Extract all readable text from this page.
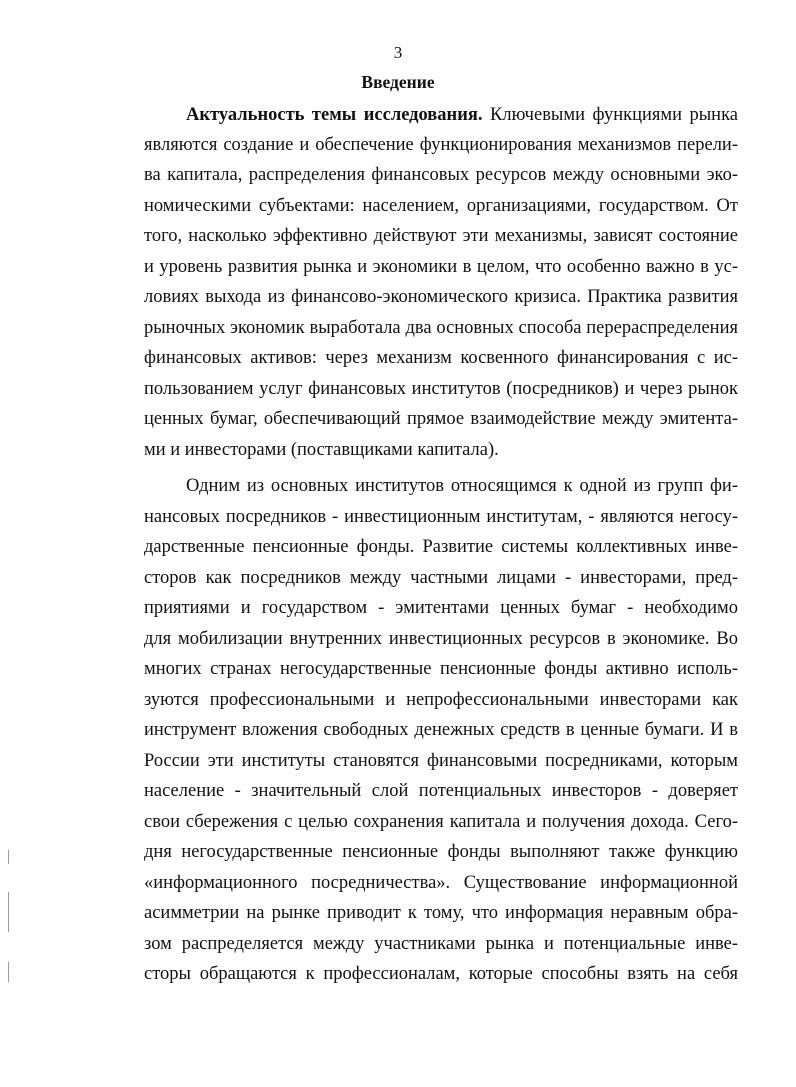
3
Введение
Актуальность темы исследования. Ключевыми функциями рынка
являются создание и обеспечение функционирования механизмов перели-
ва капитала, распределения финансовых ресурсов между основными эко-
номическими субъектами: населением, организациями, государством. От
того, насколько эффективно действуют эти механизмы, зависят состояние
и уровень развития рынка и экономики в целом, что особенно важно в ус-
ловиях выхода из финансово-экономического кризиса. Практика развития
рыночных экономик выработала два основных способа перераспределения
финансовых активов: через механизм косвенного финансирования с ис-
пользованием услуг финансовых институтов (посредников) и через рынок
ценных бумаг, обеспечивающий прямое взаимодействие между эмитента-
ми и инвесторами (поставщиками капитала).
Одним из основных институтов относящимся к одной из групп фи-
нансовых посредников - инвестиционным институтам, - являются негосу-
дарственные пенсионные фонды. Развитие системы коллективных инве-
сторов как посредников между частными лицами - инвесторами, пред-
приятиями и государством - эмитентами ценных бумаг - необходимо
для мобилизации внутренних инвестиционных ресурсов в экономике. Во
многих странах негосударственные пенсионные фонды активно исполь-
зуются профессиональными и непрофессиональными инвесторами как
инструмент вложения свободных денежных средств в ценные бумаги. И в
России эти институты становятся финансовыми посредниками, которым
население - значительный слой потенциальных инвесторов - доверяет
свои сбережения с целью сохранения капитала и получения дохода. Сего-
дня негосударственные пенсионные фонды выполняют также функцию
«информационного посредничества». Существование информационной
асимметрии на рынке приводит к тому, что информация неравным обра-
зом распределяется между участниками рынка и потенциальные инве-
сторы обращаются к профессионалам, которые способны взять на себя
